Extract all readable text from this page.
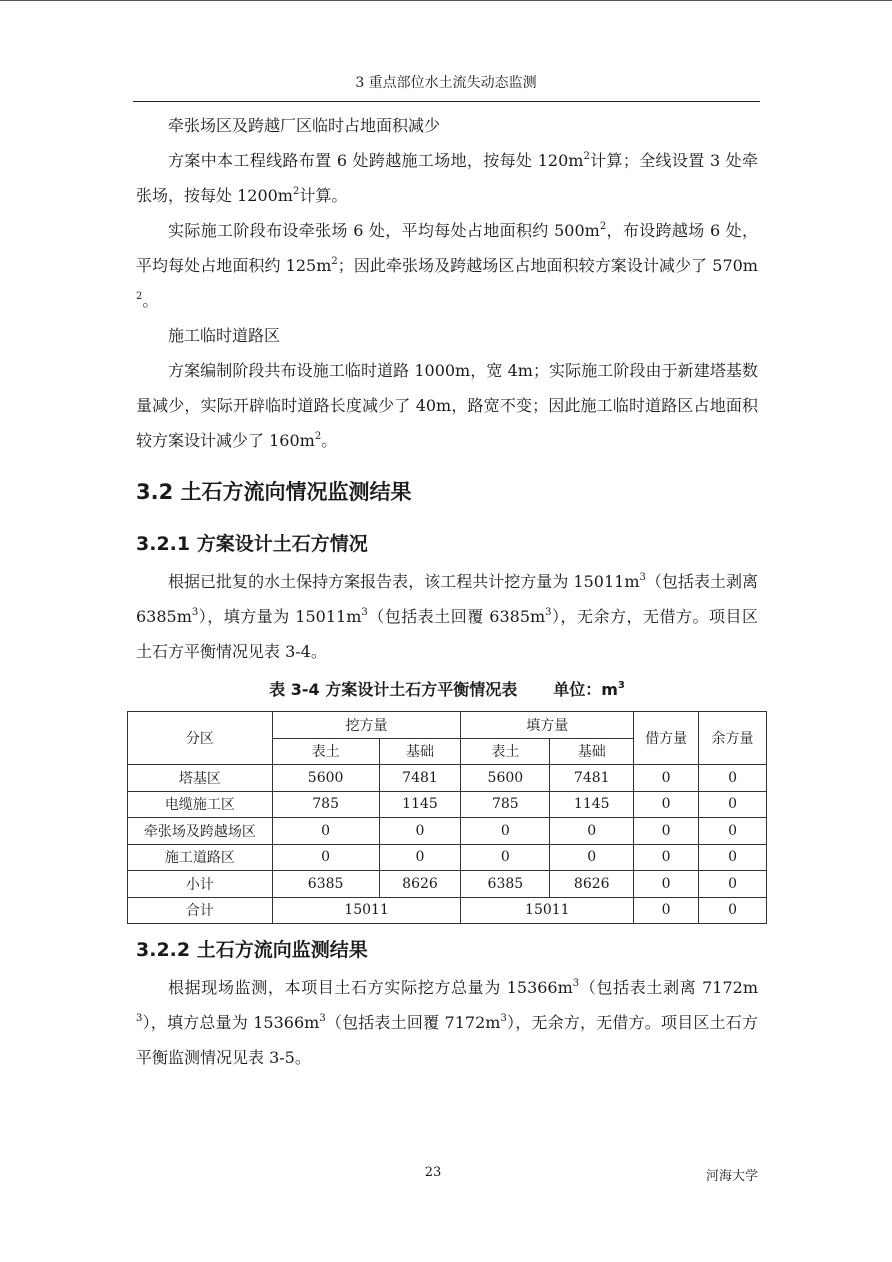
3 重点部位水土流失动态监测

牵张场区及跨越厂区临时占地面积减少

方案中本工程线路布置 6 处跨越施工场地，按每处 $120m^2$计算；全线设置 3 处牵张场，按每处 $1200m^2$计算。

实际施工阶段布设牵张场 6 处，平均每处占地面积约 $500m^2$，布设跨越场 6 处，平均每处占地面积约 $125m^2$；因此牵张场及跨越场区占地面积较方案设计减少了 $570m^2$。

施工临时道路区

方案编制阶段共布设施工临时道路 1000m，宽 4m；实际施工阶段由于新建塔基数量减少，实际开辟临时道路长度减少了 40m，路宽不变；因此施工临时道路区占地面积较方案设计减少了 $160m^2$。

3.2 土石方流向情况监测结果
3.2.1 方案设计土石方情况

根据已批复的水土保持方案报告表，该工程共计挖方量为 $15011m^3$（包括表土剥离 $6385m^3$），填方量为 $15011m^3$（包括表土回覆 $6385m^3$），无余方，无借方。项目区土石方平衡情况见表 3-4。

表 3-4 方案设计土石方平衡情况表 单位：$m^3$
分区	挖方量		填方量		借方量	余方量
	表土	基础	表土	基础		
塔基区	5600	7481	5600	7481	0	0
电缆施工区	785	1145	785	1145	0	0
牵张场及跨越场区	0	0	0	0	0	0
施工道路区	0	0	0	0	0	0
小计	6385	8626	6385	8626	0	0
合计	15011		15011		0	0
3.2.2 土石方流向监测结果

根据现场监测，本项目土石方实际挖方总量为 $15366m^3$（包括表土剥离 $7172m^3$），填方总量为 $15366m^3$（包括表土回覆 $7172m^3$），无余方，无借方。项目区土石方平衡监测情况见表 3-5。

23	河海大学
